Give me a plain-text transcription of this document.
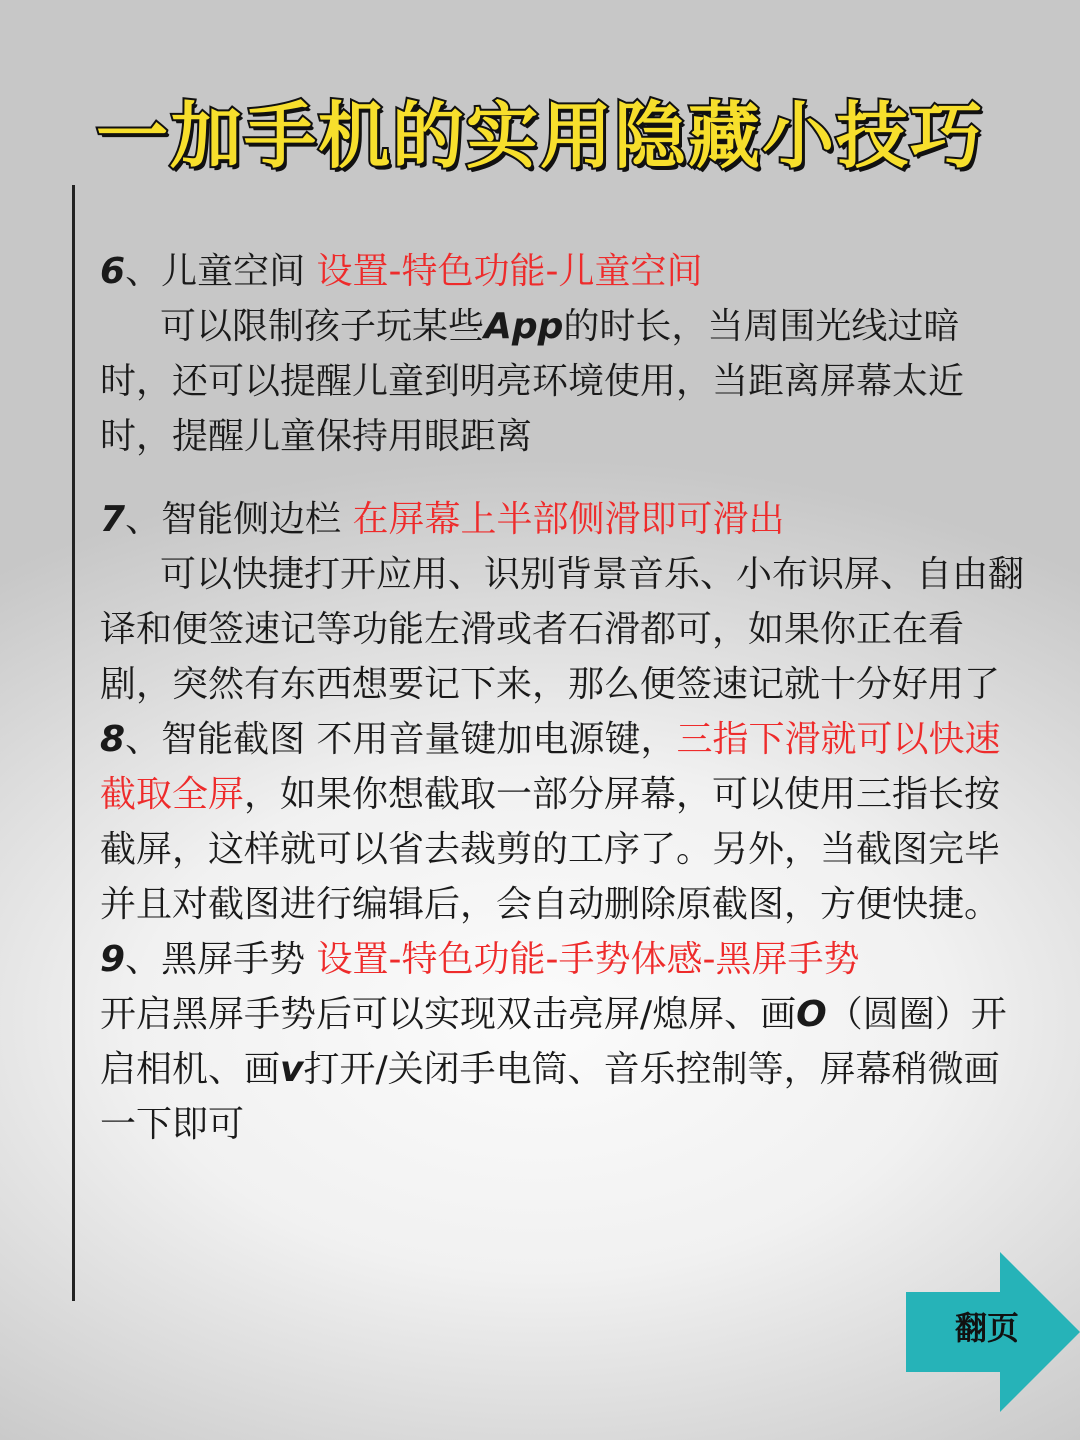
一加手机的实用隐藏小技巧
6、儿童空间 设置-特色功能-儿童空间
可以限制孩子玩某些App的时长，当周围光线过暗时，还可以提醒儿童到明亮环境使用，当距离屏幕太近时，提醒儿童保持用眼距离
7、智能侧边栏 在屏幕上半部侧滑即可滑出
可以快捷打开应用、识别背景音乐、小布识屏、自由翻译和便签速记等功能左滑或者石滑都可，如果你正在看剧，突然有东西想要记下来，那么便签速记就十分好用了
8、智能截图 不用音量键加电源键，三指下滑就可以快速截取全屏，如果你想截取一部分屏幕，可以使用三指长按截屏，这样就可以省去裁剪的工序了。另外，当截图完毕并且对截图进行编辑后，会自动删除原截图，方便快捷。
9、黑屏手势 设置-特色功能-手势体感-黑屏手势
开启黑屏手势后可以实现双击亮屏/熄屏、画O（圆圈）开启相机、画v打开/关闭手电筒、音乐控制等，屏幕稍微画一下即可
翻页
